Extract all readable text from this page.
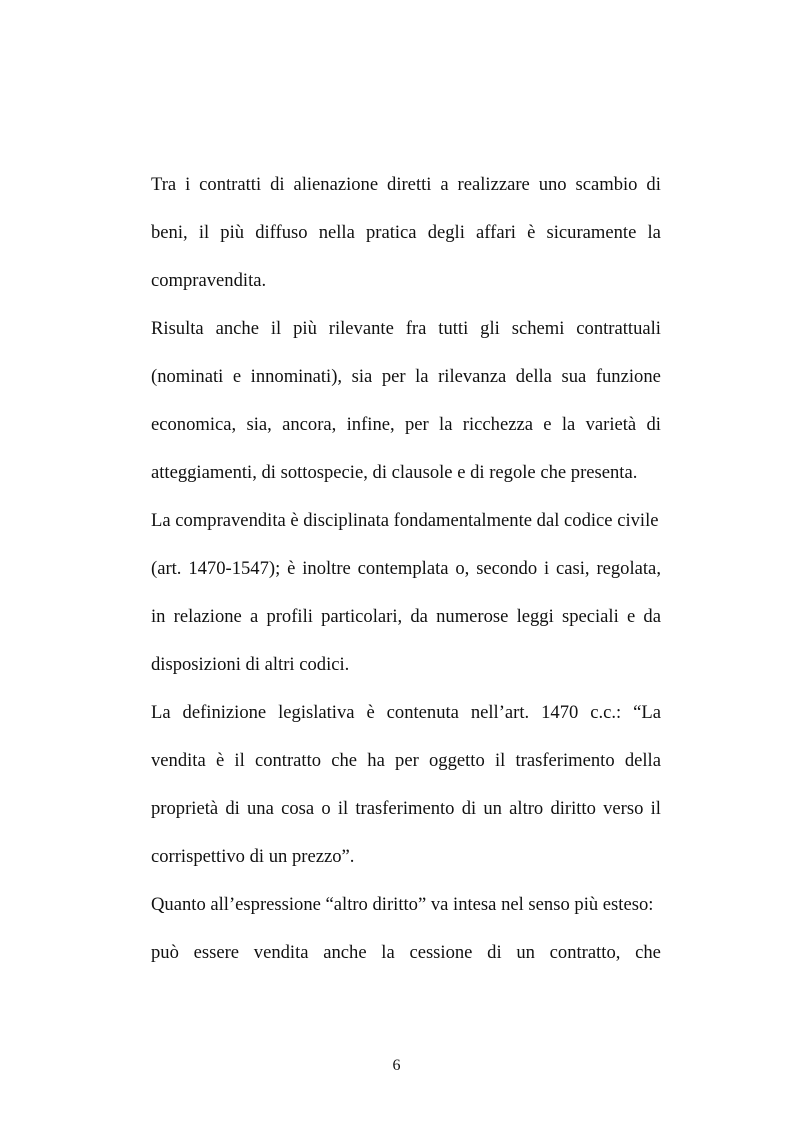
Tra i contratti di alienazione diretti a realizzare uno scambio di
beni, il più diffuso nella pratica degli affari è sicuramente la
compravendita.
Risulta anche il più rilevante fra tutti gli schemi contrattuali
(nominati e innominati), sia per la rilevanza della sua funzione
economica, sia, ancora, infine, per la ricchezza e la varietà di
atteggiamenti, di sottospecie, di clausole e di regole che presenta.
La compravendita è disciplinata fondamentalmente dal codice civile
(art. 1470-1547); è inoltre contemplata o, secondo i casi, regolata,
in relazione a profili particolari, da numerose leggi speciali e da
disposizioni di altri codici.
La definizione legislativa è contenuta nell’art. 1470 c.c.: “La
vendita è il contratto che ha per oggetto il trasferimento della
proprietà di una cosa o il trasferimento di un altro diritto verso il
corrispettivo di un prezzo”.
Quanto all’espressione “altro diritto” va intesa nel senso più esteso:
può essere vendita anche la cessione di un contratto, che
6
